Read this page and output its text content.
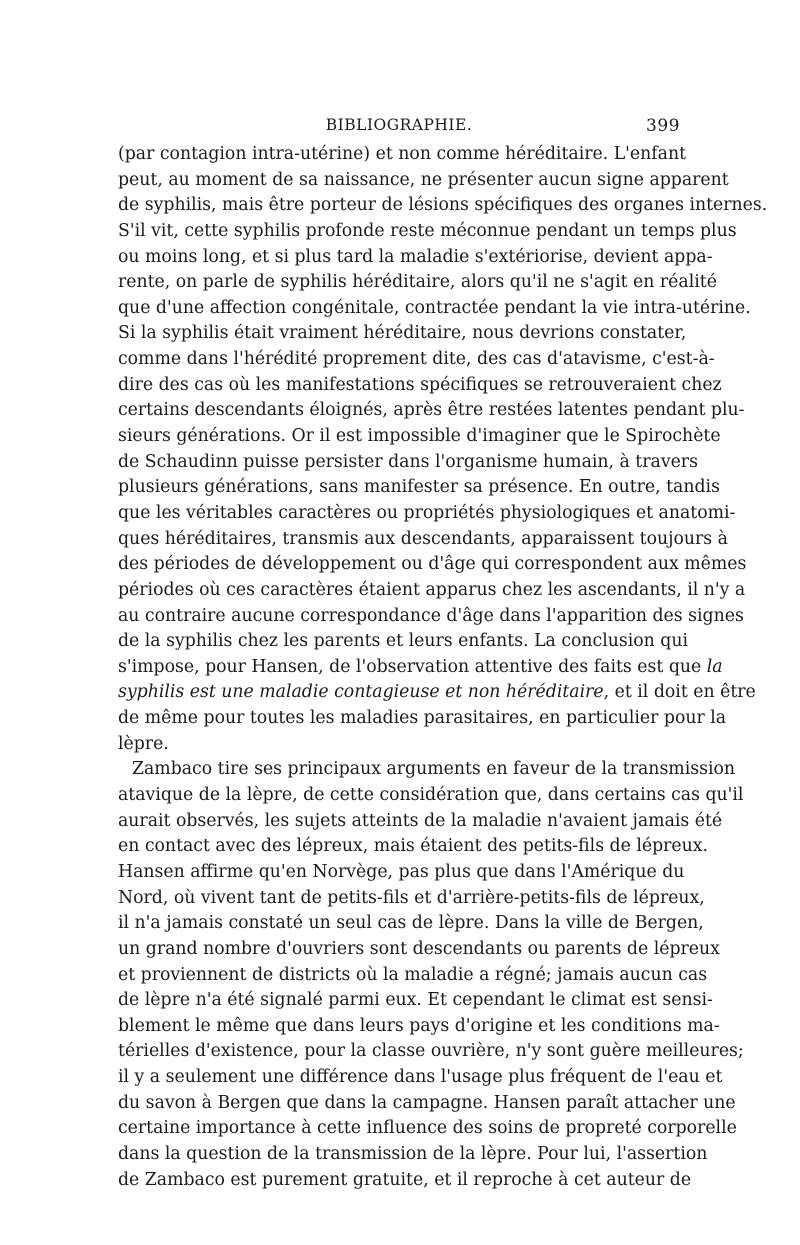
BIBLIOGRAPHIE.	399
(par contagion intra-utérine) et non comme héréditaire. L'enfant
peut, au moment de sa naissance, ne présenter aucun signe apparent
de syphilis, mais être porteur de lésions spécifiques des organes internes.
S'il vit, cette syphilis profonde reste méconnue pendant un temps plus
ou moins long, et si plus tard la maladie s'extériorise, devient appa-
rente, on parle de syphilis héréditaire, alors qu'il ne s'agit en réalité
que d'une affection congénitale, contractée pendant la vie intra-utérine.
Si la syphilis était vraiment héréditaire, nous devrions constater,
comme dans l'hérédité proprement dite, des cas d'atavisme, c'est-à-
dire des cas où les manifestations spécifiques se retrouveraient chez
certains descendants éloignés, après être restées latentes pendant plu-
sieurs générations. Or il est impossible d'imaginer que le Spirochète
de Schaudinn puisse persister dans l'organisme humain, à travers
plusieurs générations, sans manifester sa présence. En outre, tandis
que les véritables caractères ou propriétés physiologiques et anatomi-
ques héréditaires, transmis aux descendants, apparaissent toujours à
des périodes de développement ou d'âge qui correspondent aux mêmes
périodes où ces caractères étaient apparus chez les ascendants, il n'y a
au contraire aucune correspondance d'âge dans l'apparition des signes
de la syphilis chez les parents et leurs enfants. La conclusion qui
s'impose, pour Hansen, de l'observation attentive des faits est que la
syphilis est une maladie contagieuse et non héréditaire, et il doit en être
de même pour toutes les maladies parasitaires, en particulier pour la
lèpre.
Zambaco tire ses principaux arguments en faveur de la transmission
atavique de la lèpre, de cette considération que, dans certains cas qu'il
aurait observés, les sujets atteints de la maladie n'avaient jamais été
en contact avec des lépreux, mais étaient des petits-fils de lépreux.
Hansen affirme qu'en Norvège, pas plus que dans l'Amérique du
Nord, où vivent tant de petits-fils et d'arrière-petits-fils de lépreux,
il n'a jamais constaté un seul cas de lèpre. Dans la ville de Bergen,
un grand nombre d'ouvriers sont descendants ou parents de lépreux
et proviennent de districts où la maladie a régné; jamais aucun cas
de lèpre n'a été signalé parmi eux. Et cependant le climat est sensi-
blement le même que dans leurs pays d'origine et les conditions ma-
térielles d'existence, pour la classe ouvrière, n'y sont guère meilleures;
il y a seulement une différence dans l'usage plus fréquent de l'eau et
du savon à Bergen que dans la campagne. Hansen paraît attacher une
certaine importance à cette influence des soins de propreté corporelle
dans la question de la transmission de la lèpre. Pour lui, l'assertion
de Zambaco est purement gratuite, et il reproche à cet auteur de
